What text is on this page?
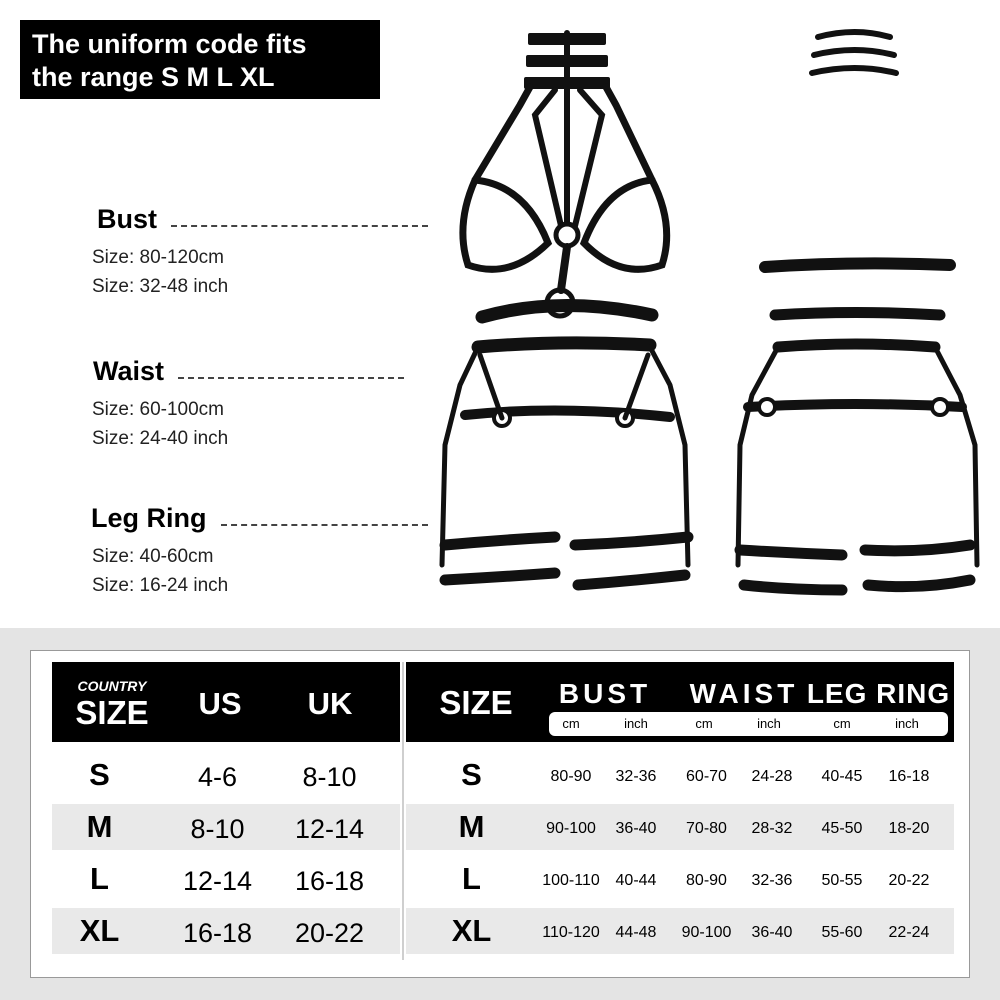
The uniform code fits
the range S M L XL
Bust
Size: 80-120cm
Size: 32-48 inch
Waist
Size: 60-100cm
Size: 24-40 inch
Leg Ring
Size: 40-60cm
Size: 16-24 inch
COUNTRY
SIZE	US	UK	SIZE	BUST	WAIST LEG RING
cm	inch	cm	inch	cm	inch
S	4-6	8-10	S	80-90	32-36	60-70	24-28	40-45	16-18
M	8-10	12-14	M	90-100	36-40	70-80	28-32	45-50	18-20
L	12-14	16-18	L	100-110 40-44	80-90	32-36	50-55	20-22
XL	16-18	20-22	XL	110-120 44-48	90-100	36-40	55-60	22-24
